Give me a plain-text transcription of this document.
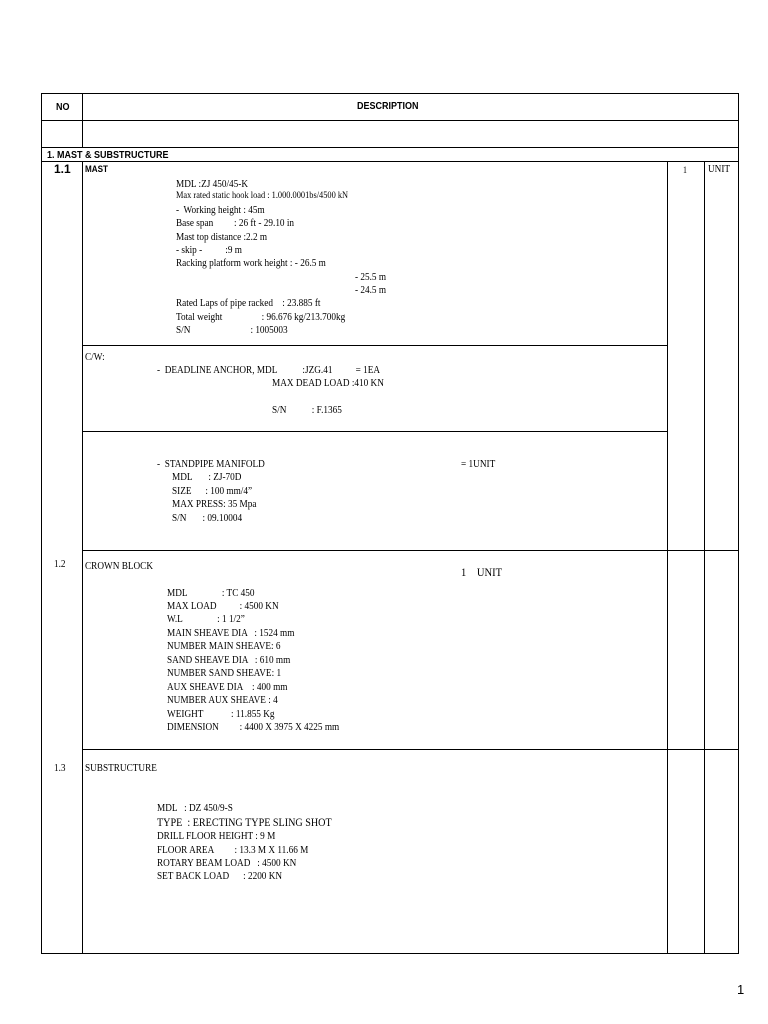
NO	DESCRIPTION
1. MAST & SUBSTRUCTURE
1.1 MAST	1 UNIT
MDL :ZJ 450/45-K
Max rated static hook load : 1.000.0001bs/4500 kN
-  Working height : 45m
Base span         : 26 ft - 29.10 in
Mast top distance :2.2 m
- skip -          :9 m
Racking platform work height : - 26.5 m
- 25.5 m
- 24.5 m
Rated Laps of pipe racked    : 23.885 ft
Total weight                 : 96.676 kg/213.700kg
S/N                          : 1005003
C/W:
-  DEADLINE ANCHOR, MDL           :JZG.41          = 1EA
MAX DEAD LOAD :410 KN
S/N           : F.1365
-  STANDPIPE MANIFOLD	= 1UNIT
MDL       : ZJ-70D
SIZE      : 100 mm/4”
MAX PRESS: 35 Mpa
S/N       : 09.10004
1.2 CROWN BLOCK	1    UNIT
MDL               : TC 450
MAX LOAD          : 4500 KN
W.L               : 1 1/2”
MAIN SHEAVE DIA   : 1524 mm
NUMBER MAIN SHEAVE: 6
SAND SHEAVE DIA   : 610 mm
NUMBER SAND SHEAVE: 1
AUX SHEAVE DIA    : 400 mm
NUMBER AUX SHEAVE : 4
WEIGHT            : 11.855 Kg
DIMENSION         : 4400 X 3975 X 4225 mm
1.3 SUBSTRUCTURE
MDL   : DZ 450/9-S
TYPE  : ERECTING TYPE SLING SHOT
DRILL FLOOR HEIGHT : 9 M
FLOOR AREA         : 13.3 M X 11.66 M
ROTARY BEAM LOAD   : 4500 KN
SET BACK LOAD      : 2200 KN
1
